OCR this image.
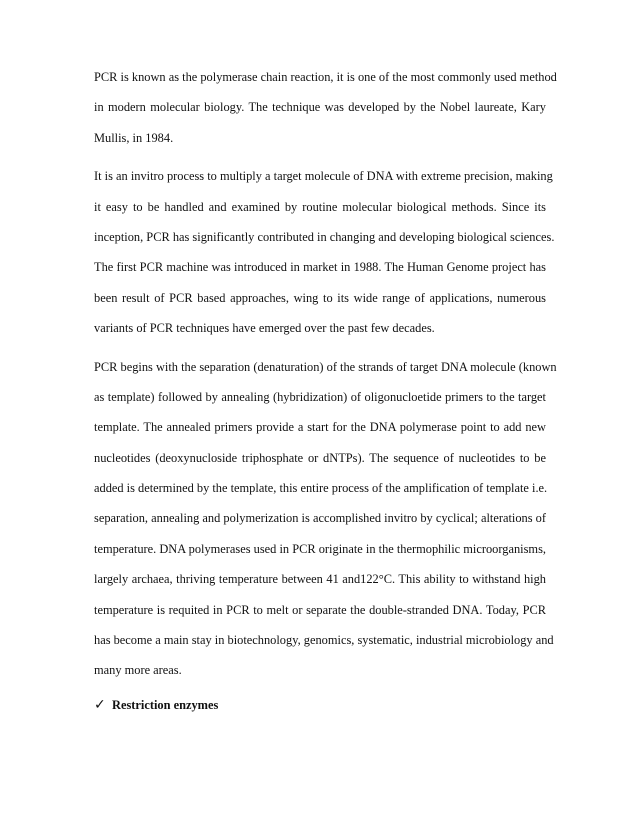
PCR is known as the polymerase chain reaction, it is one of the most commonly used method
in modern molecular biology. The technique was developed by the Nobel laureate, Kary
Mullis, in 1984.
It is an invitro process to multiply a target molecule of DNA with extreme precision, making
it easy to be handled and examined by routine molecular biological methods. Since its
inception, PCR has significantly contributed in changing and developing biological sciences.
The first PCR machine was introduced in market in 1988. The Human Genome project has
been result of PCR based approaches, wing to its wide range of applications, numerous
variants of PCR techniques have emerged over the past few decades.
PCR begins with the separation (denaturation) of the strands of target DNA molecule (known
as template) followed by annealing (hybridization) of oligonucloetide primers to the target
template. The annealed primers provide a start for the DNA polymerase point to add new
nucleotides (deoxynucloside triphosphate or dNTPs). The sequence of nucleotides to be
added is determined by the template, this entire process of the amplification of template i.e.
separation, annealing and polymerization is accomplished invitro by cyclical; alterations of
temperature. DNA polymerases used in PCR originate in the thermophilic microorganisms,
largely archaea, thriving temperature between 41 and122°C. This ability to withstand high
temperature is requited in PCR to melt or separate the double-stranded DNA. Today, PCR
has become a main stay in biotechnology, genomics, systematic, industrial microbiology and
many more areas.
✓ Restriction enzymes
